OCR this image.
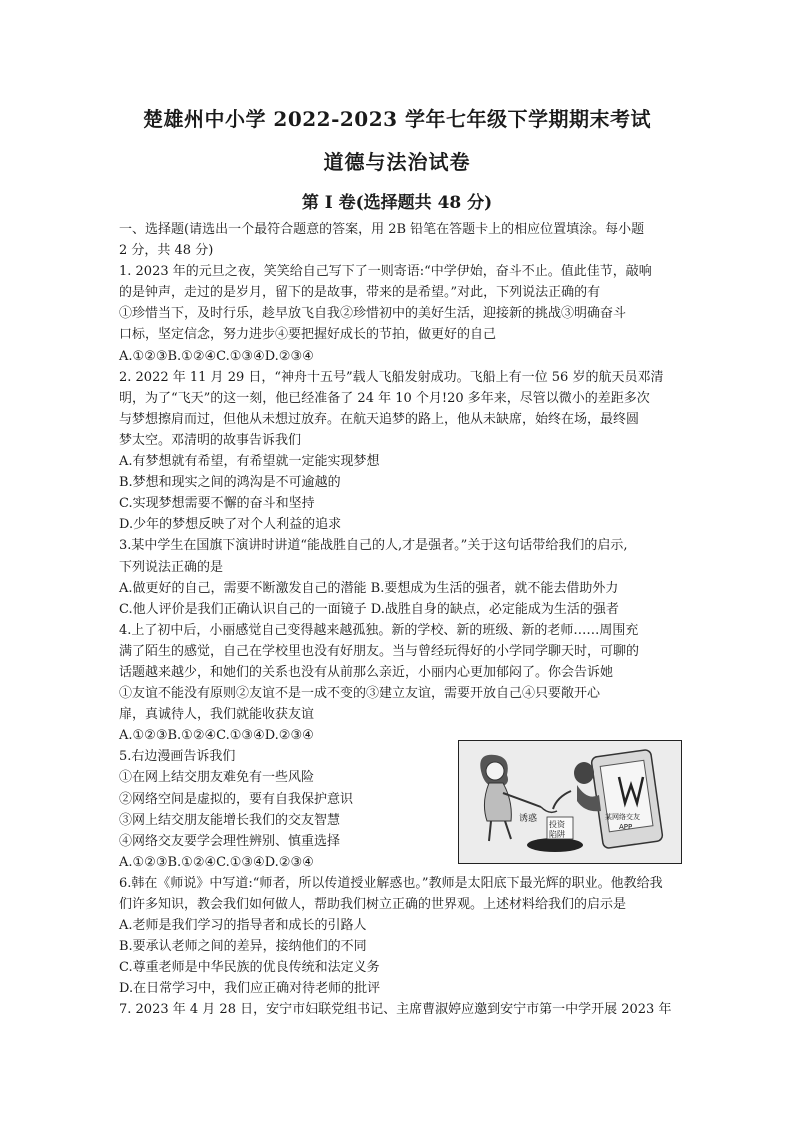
楚雄州中小学 2022-2023 学年七年级下学期期末考试
道德与法治试卷
第 I 卷(选择题共 48 分)
一、选择题(请选出一个最符合题意的答案，用 2B 铅笔在答题卡上的相应位置填涂。每小题
2 分，共 48 分)
1. 2023 年的元旦之夜，笑笑给自己写下了一则寄语:“中学伊始，奋斗不止。值此佳节，敲响
的是钟声，走过的是岁月，留下的是故事，带来的是希望。”对此，下列说法正确的有
①珍惜当下，及时行乐，趁早放飞自我②珍惜初中的美好生活，迎接新的挑战③明确奋斗
口标，坚定信念，努力进步④要把握好成长的节拍，做更好的自己
A.①②③B.①②④C.①③④D.②③④
2. 2022 年 11 月 29 日，“神舟十五号”载人飞船发射成功。飞船上有一位 56 岁的航天员邓清
明，为了“飞天”的这一刻，他已经准备了 24 年 10 个月!20 多年来，尽管以微小的差距多次
与梦想擦肩而过，但他从未想过放弃。在航天追梦的路上，他从未缺席，始终在场，最终圆
梦太空。邓清明的故事告诉我们
A.有梦想就有希望，有希望就一定能实现梦想
B.梦想和现实之间的鸿沟是不可逾越的
C.实现梦想需要不懈的奋斗和坚持
D.少年的梦想反映了对个人利益的追求
3.某中学生在国旗下演讲时讲道“能战胜自己的人,才是强者。”关于这句话带给我们的启示,
下列说法正确的是
A.做更好的自己，需要不断激发自己的潜能 B.要想成为生活的强者，就不能去借助外力
C.他人评价是我们正确认识自己的一面镜子 D.战胜自身的缺点，必定能成为生活的强者
4.上了初中后，小丽感觉自己变得越来越孤独。新的学校、新的班级、新的老师……周围充
满了陌生的感觉，自己在学校里也没有好朋友。当与曾经玩得好的小学同学聊天时，可聊的
话题越来越少，和她们的关系也没有从前那么亲近，小丽内心更加郁闷了。你会告诉她
①友谊不能没有原则②友谊不是一成不变的③建立友谊，需要开放自己④只要敞开心
扉，真诚待人，我们就能收获友谊
A.①②③B.①②④C.①③④D.②③④
5.右边漫画告诉我们
①在网上结交朋友难免有一些风险
②网络空间是虚拟的，要有自我保护意识
③网上结交朋友能增长我们的交友智慧
④网络交友要学会理性辨别、慎重选择
A.①②③B.①②④C.①③④D.②③④
6.韩在《师说》中写道:“师者，所以传道授业解惑也。”教师是太阳底下最光辉的职业。他教给我
们许多知识，教会我们如何做人，帮助我们树立正确的世界观。上述材料给我们的启示是
A.老师是我们学习的指导者和成长的引路人
B.要承认老师之间的差异，接纳他们的不同
C.尊重老师是中华民族的优良传统和法定义务
D.在日常学习中，我们应正确对待老师的批评
7. 2023 年 4 月 28 日，安宁市妇联党组书记、主席曹淑婷应邀到安宁市第一中学开展 2023 年
诱惑
投资
陷阱
某网络交友
APP
